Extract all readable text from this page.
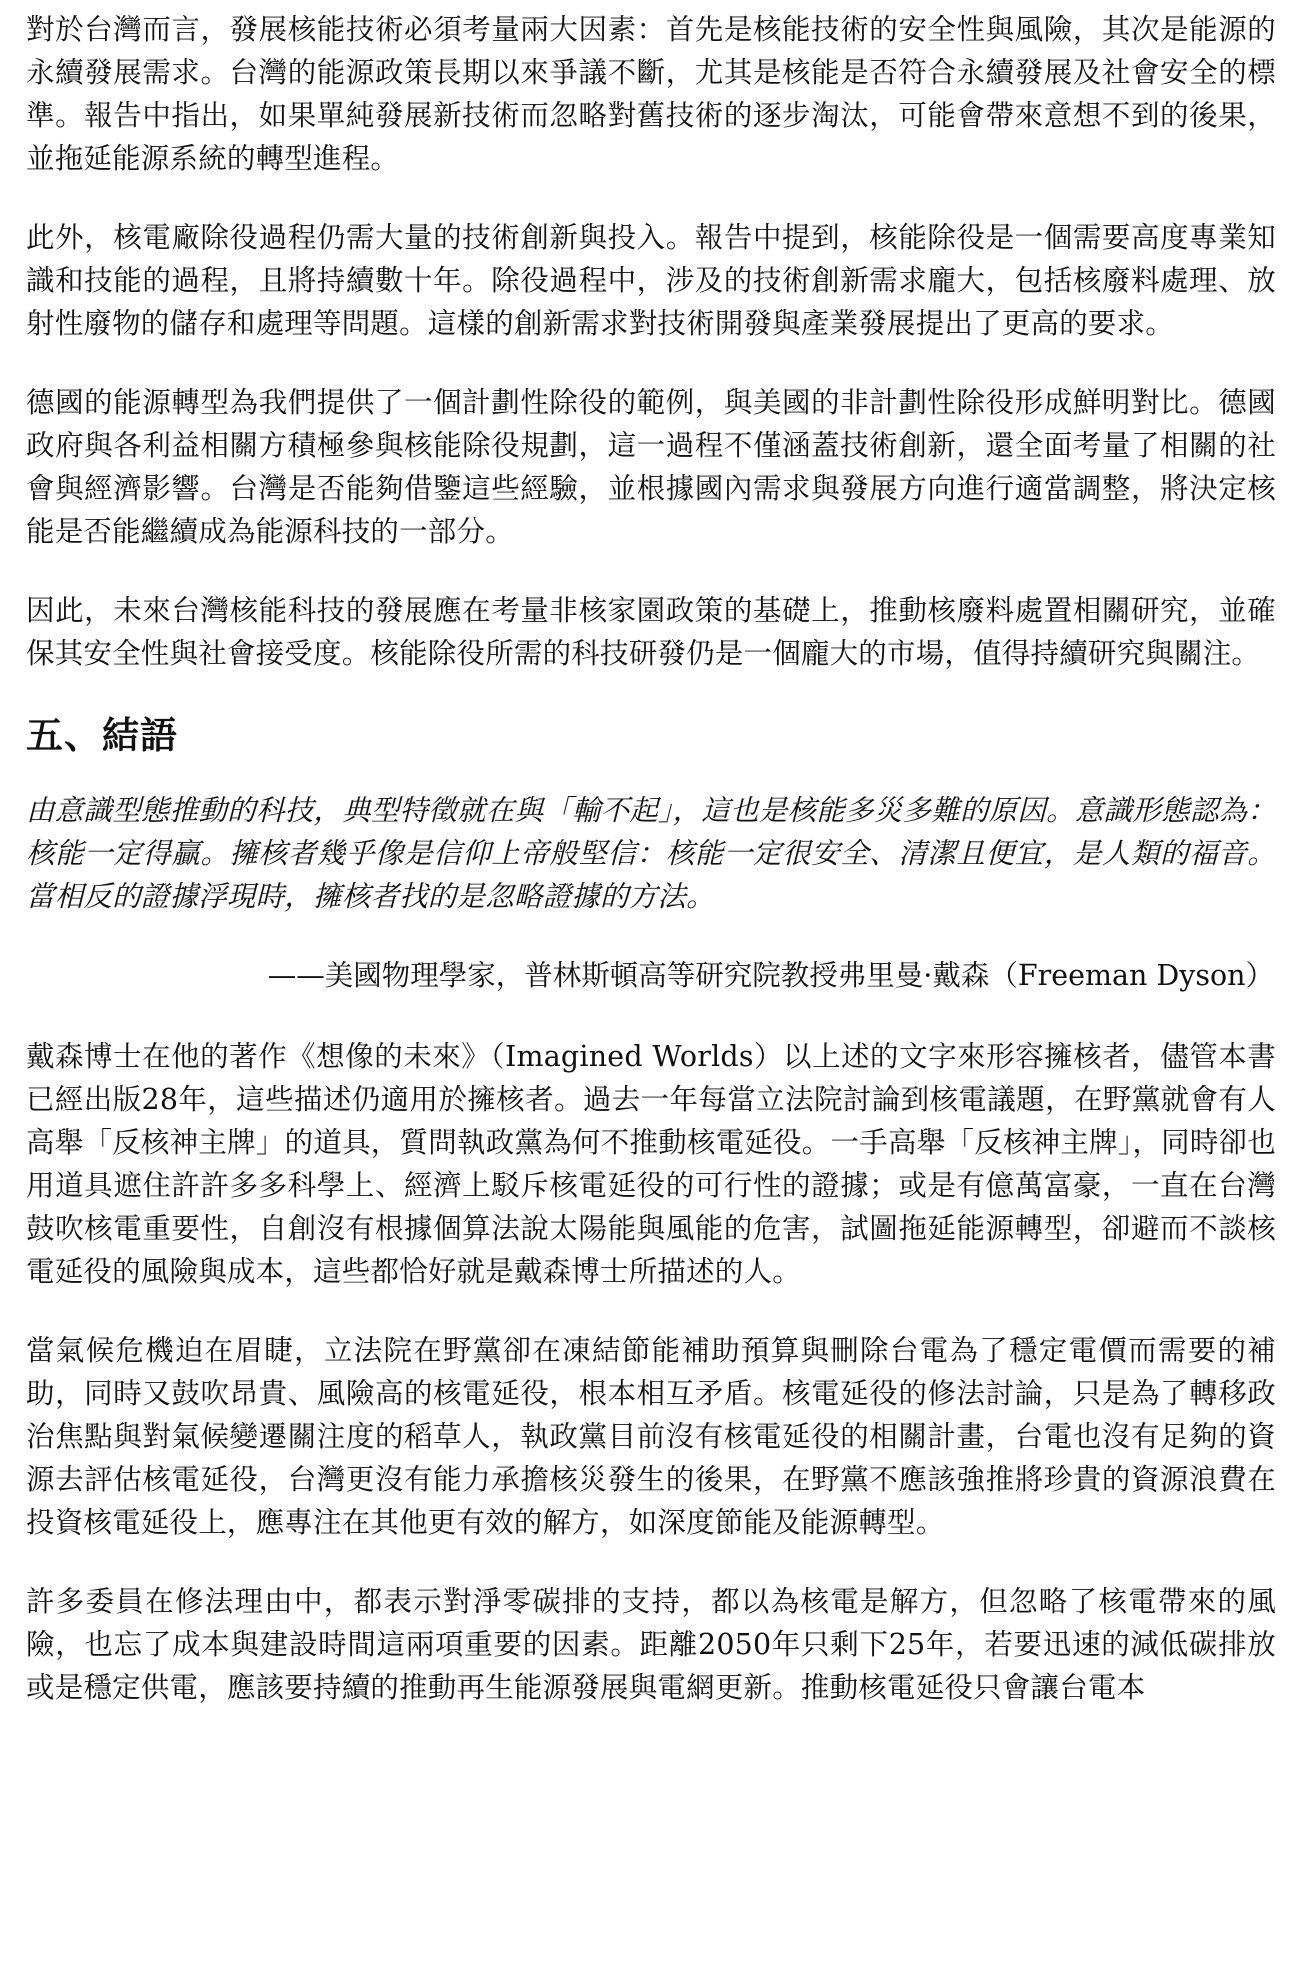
對於台灣而言，發展核能技術必須考量兩大因素：首先是核能技術的安全性與風險，其次是能源的永續發展需求。台灣的能源政策長期以來爭議不斷，尤其是核能是否符合永續發展及社會安全的標準。報告中指出，如果單純發展新技術而忽略對舊技術的逐步淘汰，可能會帶來意想不到的後果，並拖延能源系統的轉型進程。

此外，核電廠除役過程仍需大量的技術創新與投入。報告中提到，核能除役是一個需要高度專業知識和技能的過程，且將持續數十年。除役過程中，涉及的技術創新需求龐大，包括核廢料處理、放射性廢物的儲存和處理等問題。這樣的創新需求對技術開發與產業發展提出了更高的要求。

德國的能源轉型為我們提供了一個計劃性除役的範例，與美國的非計劃性除役形成鮮明對比。德國政府與各利益相關方積極參與核能除役規劃，這一過程不僅涵蓋技術創新，還全面考量了相關的社會與經濟影響。台灣是否能夠借鑒這些經驗，並根據國內需求與發展方向進行適當調整，將決定核能是否能繼續成為能源科技的一部分。

因此，未來台灣核能科技的發展應在考量非核家園政策的基礎上，推動核廢料處置相關研究，並確保其安全性與社會接受度。核能除役所需的科技研發仍是一個龐大的市場，值得持續研究與關注。

五、結語

由意識型態推動的科技，典型特徵就在與「輸不起」，這也是核能多災多難的原因。意識形態認為：核能一定得贏。擁核者幾乎像是信仰上帝般堅信：核能一定很安全、清潔且便宜，是人類的福音。當相反的證據浮現時，擁核者找的是忽略證據的方法。

——美國物理學家，普林斯頓高等研究院教授弗里曼·戴森（Freeman Dyson）

戴森博士在他的著作《想像的未來》（Imagined Worlds）以上述的文字來形容擁核者，儘管本書已經出版28年，這些描述仍適用於擁核者。過去一年每當立法院討論到核電議題，在野黨就會有人高舉「反核神主牌」的道具，質問執政黨為何不推動核電延役。一手高舉「反核神主牌」，同時卻也用道具遮住許許多多科學上、經濟上駁斥核電延役的可行性的證據；或是有億萬富豪，一直在台灣鼓吹核電重要性，自創沒有根據個算法說太陽能與風能的危害，試圖拖延能源轉型，卻避而不談核電延役的風險與成本，這些都恰好就是戴森博士所描述的人。

當氣候危機迫在眉睫，立法院在野黨卻在凍結節能補助預算與刪除台電為了穩定電價而需要的補助，同時又鼓吹昂貴、風險高的核電延役，根本相互矛盾。核電延役的修法討論，只是為了轉移政治焦點與對氣候變遷關注度的稻草人，執政黨目前沒有核電延役的相關計畫，台電也沒有足夠的資源去評估核電延役，台灣更沒有能力承擔核災發生的後果，在野黨不應該強推將珍貴的資源浪費在投資核電延役上，應專注在其他更有效的解方，如深度節能及能源轉型。

許多委員在修法理由中，都表示對淨零碳排的支持，都以為核電是解方，但忽略了核電帶來的風險，也忘了成本與建設時間這兩項重要的因素。距離2050年只剩下25年，若要迅速的減低碳排放或是穩定供電，應該要持續的推動再生能源發展與電網更新。推動核電延役只會讓台電本
